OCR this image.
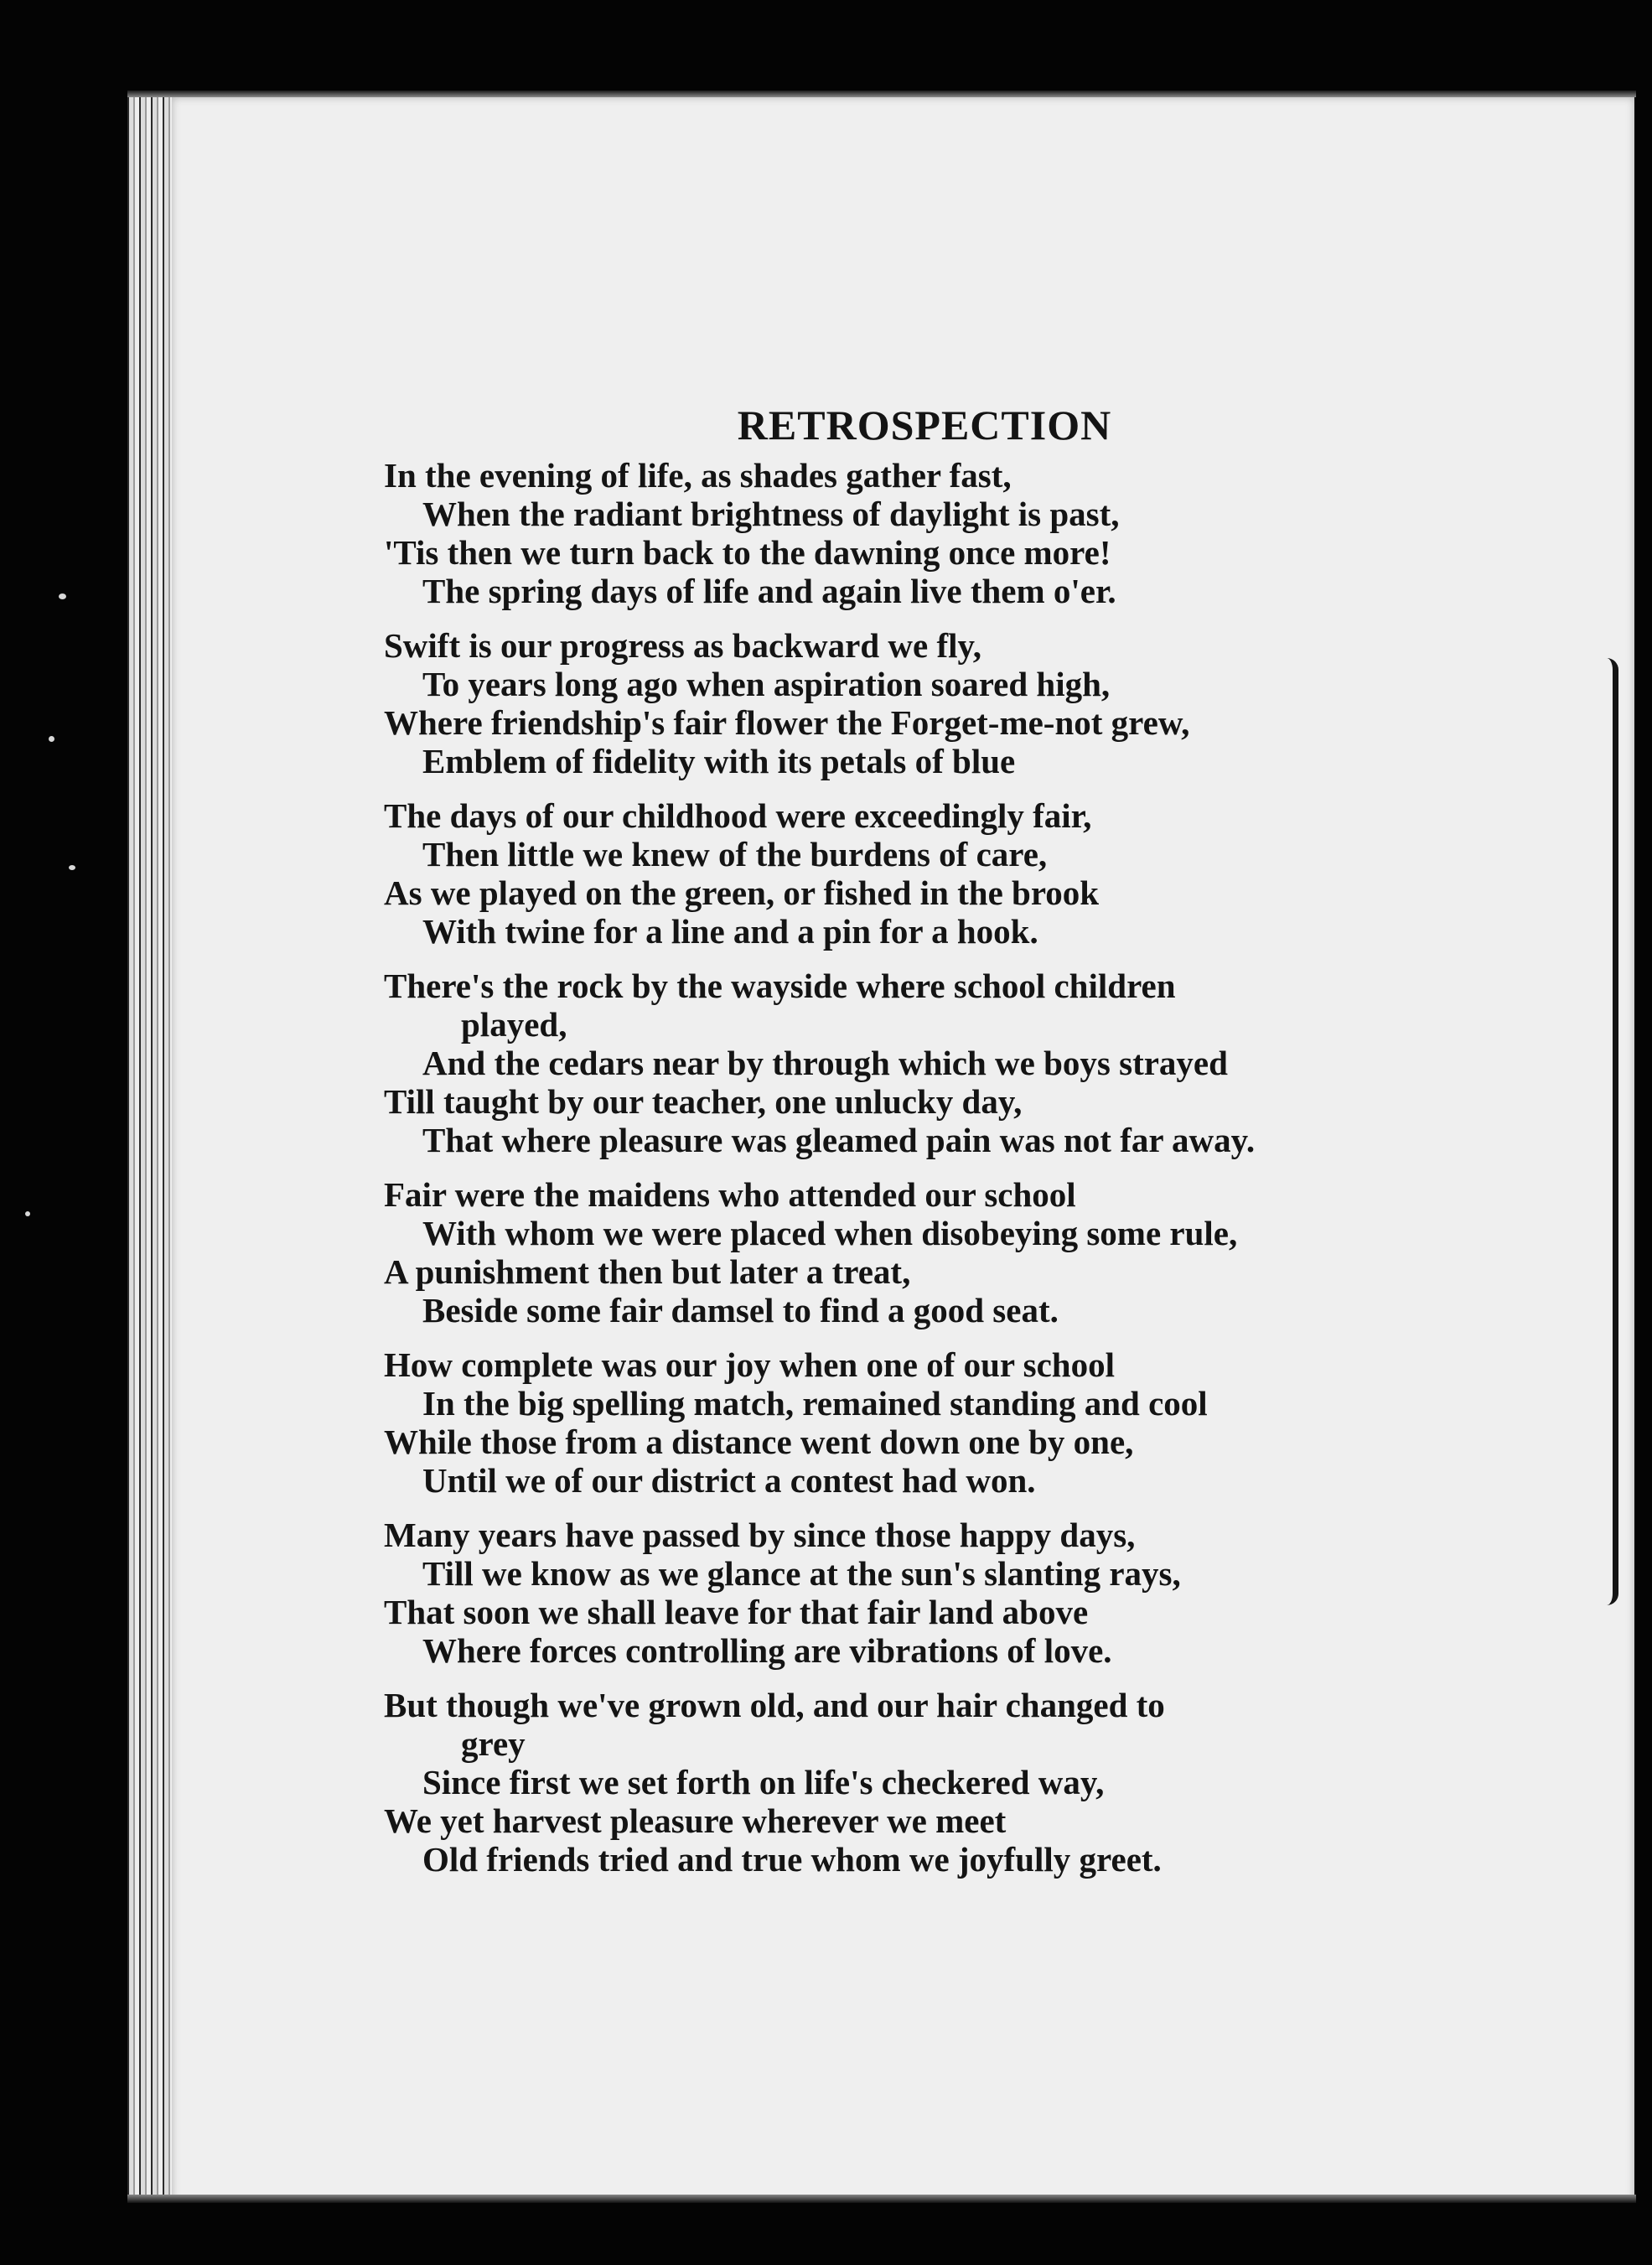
RETROSPECTION
In the evening of life, as shades gather fast,
When the radiant brightness of daylight is past,
'Tis then we turn back to the dawning once more!
The spring days of life and again live them o'er.
Swift is our progress as backward we fly,
To years long ago when aspiration soared high,
Where friendship's fair flower the Forget-me-not grew,
Emblem of fidelity with its petals of blue
The days of our childhood were exceedingly fair,
Then little we knew of the burdens of care,
As we played on the green, or fished in the brook
With twine for a line and a pin for a hook.
There's the rock by the wayside where school children
played,
And the cedars near by through which we boys strayed
Till taught by our teacher, one unlucky day,
That where pleasure was gleamed pain was not far away.
Fair were the maidens who attended our school
With whom we were placed when disobeying some rule,
A punishment then but later a treat,
Beside some fair damsel to find a good seat.
How complete was our joy when one of our school
In the big spelling match, remained standing and cool
While those from a distance went down one by one,
Until we of our district a contest had won.
Many years have passed by since those happy days,
Till we know as we glance at the sun's slanting rays,
That soon we shall leave for that fair land above
Where forces controlling are vibrations of love.
But though we've grown old, and our hair changed to
grey
Since first we set forth on life's checkered way,
We yet harvest pleasure wherever we meet
Old friends tried and true whom we joyfully greet.
